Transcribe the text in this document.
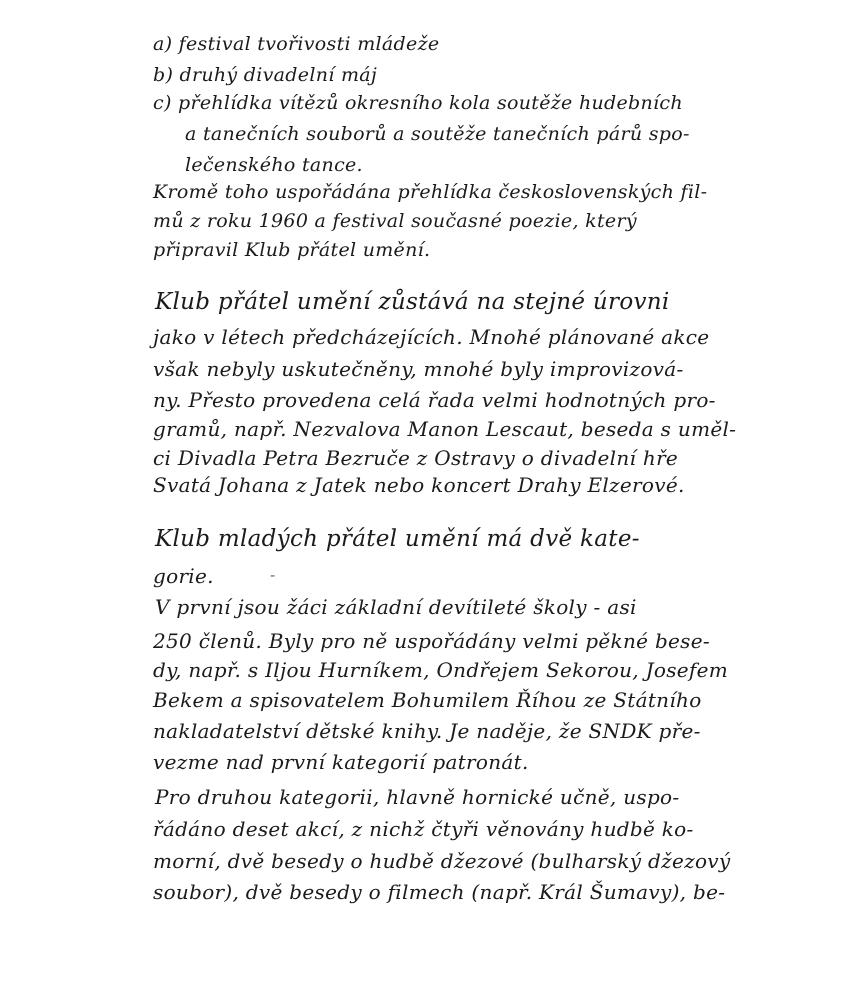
a) festival tvořivosti mládeže
b) druhý divadelní máj
c) přehlídka vítězů okresního kola soutěže hudebních
a tanečních souborů a soutěže tanečních párů spo-
lečenského tance.
Kromě toho uspořádána přehlídka československých fil-
mů z roku 1960 a festival současné poezie, který
připravil Klub přátel umění.
Klub přátel umění zůstává na stejné úrovni
jako v létech předcházejících. Mnohé plánované akce
však nebyly uskutečněny, mnohé byly improvizová-
ny. Přesto provedena celá řada velmi hodnotných pro-
gramů, např. Nezvalova Manon Lescaut, beseda s uměl-
ci Divadla Petra Bezruče z Ostravy o divadelní hře
Svatá Johana z Jatek nebo koncert Drahy Elzerové.
Klub mladých přátel umění má dvě kate-
gorie.	-
V první jsou žáci základní devítileté školy - asi
250 členů. Byly pro ně uspořádány velmi pěkné bese-
dy, např. s Iljou Hurníkem, Ondřejem Sekorou, Josefem
Bekem a spisovatelem Bohumilem Říhou ze Státního
nakladatelství dětské knihy. Je naděje, že SNDK pře-
vezme nad první kategorií patronát.
Pro druhou kategorii, hlavně hornické učně, uspo-
řádáno deset akcí, z nichž čtyři věnovány hudbě ko-
morní, dvě besedy o hudbě džezové (bulharský džezový
soubor), dvě besedy o filmech (např. Král Šumavy), be-
